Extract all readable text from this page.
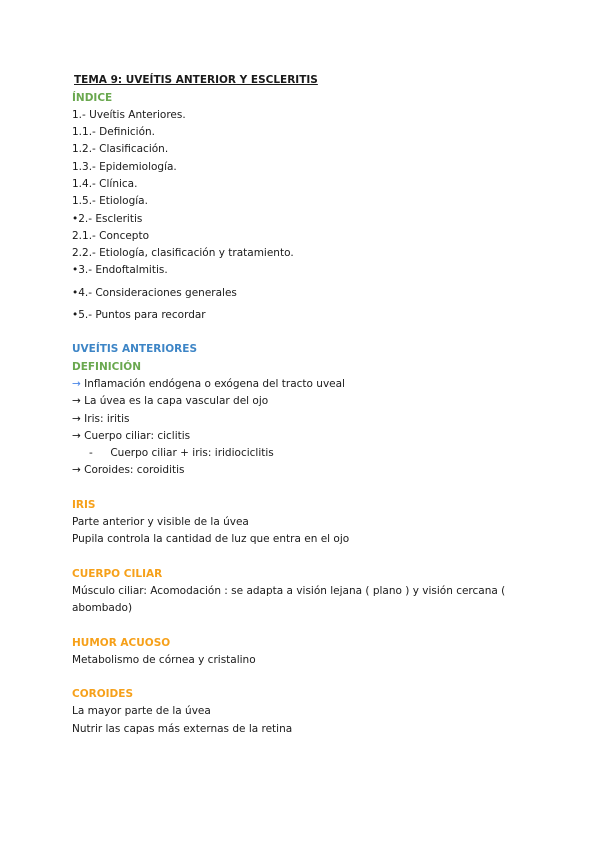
TEMA 9: UVEÍTIS ANTERIOR Y ESCLERITIS
ÍNDICE
1.- Uveítis Anteriores.
1.1.- Definición.
1.2.- Clasificación.
1.3.- Epidemiología.
1.4.- Clínica.
1.5.- Etiología.
•2.- Escleritis
2.1.- Concepto
2.2.- Etiología, clasificación y tratamiento.
•3.- Endoftalmitis.
•4.- Consideraciones generales
•5.- Puntos para recordar
UVEÍTIS ANTERIORES
DEFINICIÓN
→ Inflamación endógena o exógena del tracto uveal
→ La úvea es la capa vascular del ojo
→ Iris: iritis
→ Cuerpo ciliar: ciclitis
- Cuerpo ciliar + iris: iridiociclitis
→ Coroides: coroiditis
IRIS
Parte anterior y visible de la úvea
Pupila controla la cantidad de luz que entra en el ojo
CUERPO CILIAR
Músculo ciliar: Acomodación : se adapta a visión lejana ( plano ) y visión cercana ( abombado)
HUMOR ACUOSO
Metabolismo de córnea y cristalino
COROIDES
La mayor parte de la úvea
Nutrir las capas más externas de la retina
